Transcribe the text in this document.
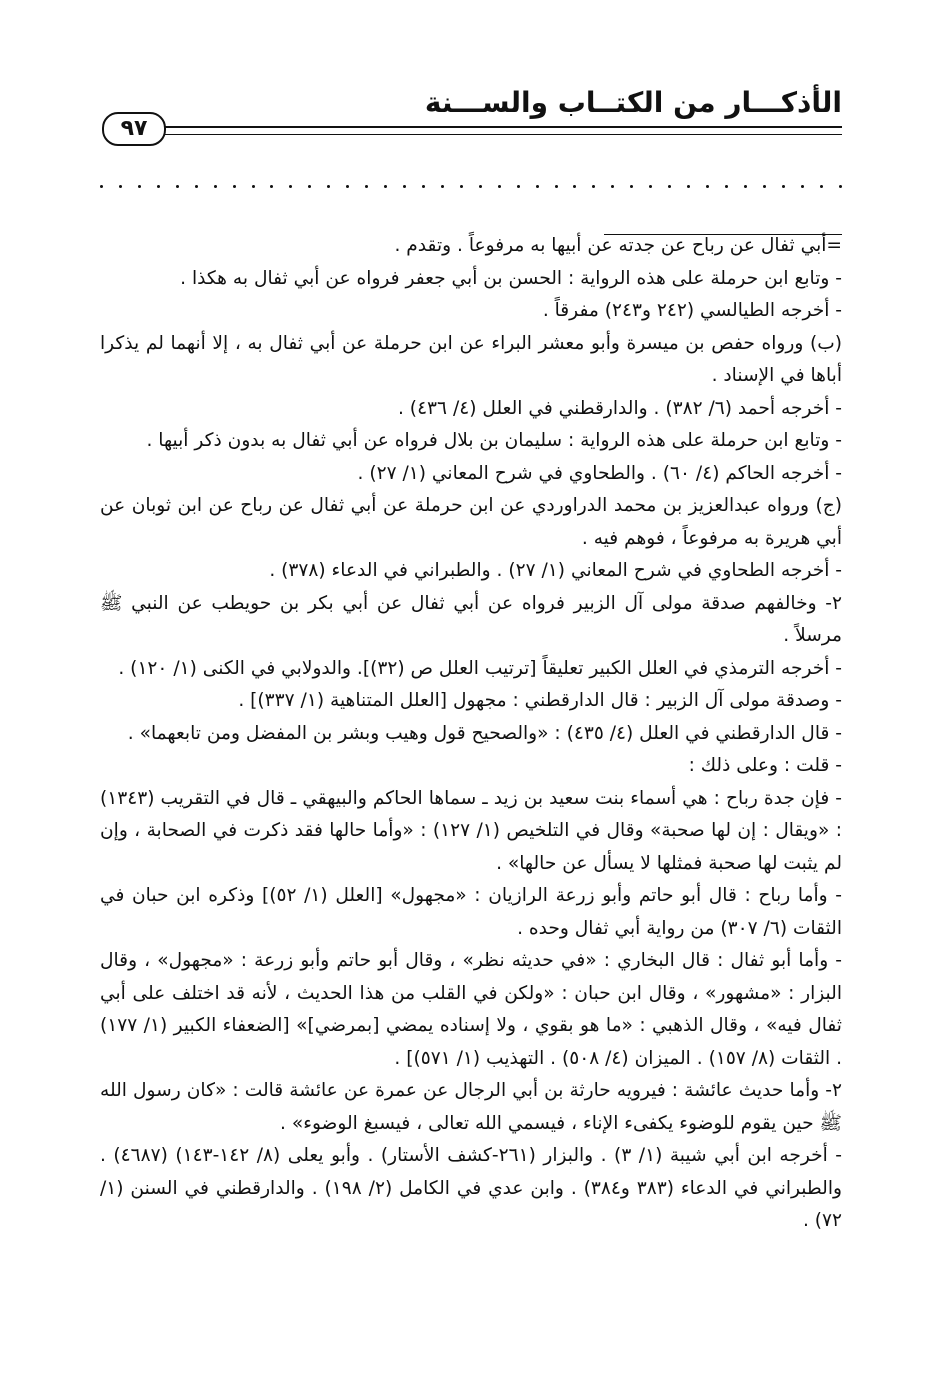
الأذكـــار من الكتــاب والســـنة
٩٧

=أبي ثفال عن رباح عن جدته عن أبيها به مرفوعاً . وتقدم .

- وتابع ابن حرملة على هذه الرواية : الحسن بن أبي جعفر فرواه عن أبي ثفال به هكذا .

- أخرجه الطيالسي (٢٤٢ و٢٤٣) مفرقاً .

(ب) ورواه حفص بن ميسرة وأبو معشر البراء عن ابن حرملة عن أبي ثفال به ، إلا أنهما لم يذكرا أباها في الإسناد .

- أخرجه أحمد (٦/ ٣٨٢) . والدارقطني في العلل (٤/ ٤٣٦) .

- وتابع ابن حرملة على هذه الرواية : سليمان بن بلال فرواه عن أبي ثفال به بدون ذكر أبيها .

- أخرجه الحاكم (٤/ ٦٠) . والطحاوي في شرح المعاني (١/ ٢٧) .

(ج) ورواه عبدالعزيز بن محمد الدراوردي عن ابن حرملة عن أبي ثفال عن رباح عن ابن ثوبان عن أبي هريرة به مرفوعاً ، فوهم فيه .

- أخرجه الطحاوي في شرح المعاني (١/ ٢٧) . والطبراني في الدعاء (٣٧٨) .

٢- وخالفهم صدقة مولى آل الزبير فرواه عن أبي ثفال عن أبي بكر بن حويطب عن النبي ﷺ مرسلاً .

- أخرجه الترمذي في العلل الكبير تعليقاً [ترتيب العلل ص (٣٢)]. والدولابي في الكنى (١/ ١٢٠) .

- وصدقة مولى آل الزبير : قال الدارقطني : مجهول [العلل المتناهية (١/ ٣٣٧)] .

- قال الدارقطني في العلل (٤/ ٤٣٥) : «والصحيح قول وهيب وبشر بن المفضل ومن تابعهما» .

- قلت : وعلى ذلك :

- فإن جدة رباح : هي أسماء بنت سعيد بن زيد ـ سماها الحاكم والبيهقي ـ قال في التقريب (١٣٤٣) : «ويقال : إن لها صحبة» وقال في التلخيص (١/ ١٢٧) : «وأما حالها فقد ذكرت في الصحابة ، وإن لم يثبت لها صحبة فمثلها لا يسأل عن حالها» .

- وأما رباح : قال أبو حاتم وأبو زرعة الرازيان : «مجهول» [العلل (١/ ٥٢)] وذكره ابن حبان في الثقات (٦/ ٣٠٧) من رواية أبي ثفال وحده .

- وأما أبو ثفال : قال البخاري : «في حديثه نظر» ، وقال أبو حاتم وأبو زرعة : «مجهول» ، وقال البزار : «مشهور» ، وقال ابن حبان : «ولكن في القلب من هذا الحديث ، لأنه قد اختلف على أبي ثفال فيه» ، وقال الذهبي : «ما هو بقوي ، ولا إسناده يمضي [بمرضي]» [الضعفاء الكبير (١/ ١٧٧) . الثقات (٨/ ١٥٧) . الميزان (٤/ ٥٠٨) . التهذيب (١/ ٥٧١)] .

٢- وأما حديث عائشة : فيرويه حارثة بن أبي الرجال عن عمرة عن عائشة قالت : «كان رسول الله ﷺ حين يقوم للوضوء يكفىء الإناء ، فيسمي الله تعالى ، فيسبغ الوضوء» .

- أخرجه ابن أبي شيبة (١/ ٣) . والبزار (٢٦١-كشف الأستار) . وأبو يعلى (٨/ ١٤٢-١٤٣) (٤٦٨٧) . والطبراني في الدعاء (٣٨٣ و٣٨٤) . وابن عدي في الكامل (٢/ ١٩٨) . والدارقطني في السنن (١/ ٧٢) .
